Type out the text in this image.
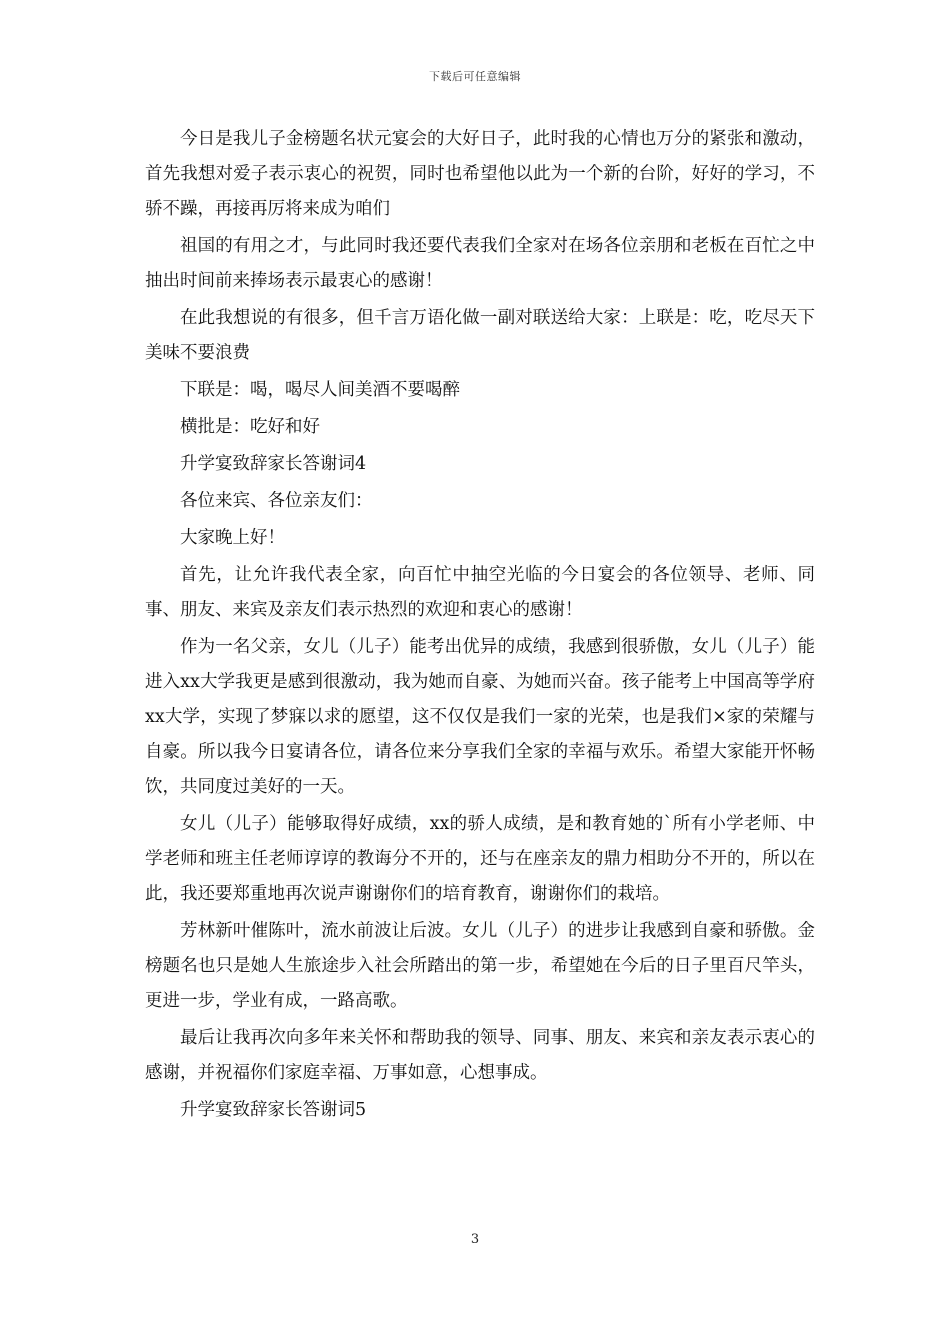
下载后可任意编辑

今日是我儿子金榜题名状元宴会的大好日子，此时我的心情也万分的紧张和激动，首先我想对爱子表示衷心的祝贺，同时也希望他以此为一个新的台阶，好好的学习，不骄不躁，再接再厉将来成为咱们

祖国的有用之才，与此同时我还要代表我们全家对在场各位亲朋和老板在百忙之中抽出时间前来捧场表示最衷心的感谢！

在此我想说的有很多，但千言万语化做一副对联送给大家：上联是：吃，吃尽天下美味不要浪费

下联是：喝，喝尽人间美酒不要喝醉

横批是：吃好和好

升学宴致辞家长答谢词4

各位来宾、各位亲友们：

大家晚上好！

首先，让允许我代表全家，向百忙中抽空光临的今日宴会的各位领导、老师、同事、朋友、来宾及亲友们表示热烈的欢迎和衷心的感谢！

作为一名父亲，女儿（儿子）能考出优异的成绩，我感到很骄傲，女儿（儿子）能进入xx大学我更是感到很激动，我为她而自豪、为她而兴奋。孩子能考上中国高等学府xx大学，实现了梦寐以求的愿望，这不仅仅是我们一家的光荣，也是我们×家的荣耀与自豪。所以我今日宴请各位，请各位来分享我们全家的幸福与欢乐。希望大家能开怀畅饮，共同度过美好的一天。

女儿（儿子）能够取得好成绩，xx的骄人成绩，是和教育她的`所有小学老师、中学老师和班主任老师谆谆的教诲分不开的，还与在座亲友的鼎力相助分不开的，所以在此，我还要郑重地再次说声谢谢你们的培育教育，谢谢你们的栽培。

芳林新叶催陈叶，流水前波让后波。女儿（儿子）的进步让我感到自豪和骄傲。金榜题名也只是她人生旅途步入社会所踏出的第一步，希望她在今后的日子里百尺竿头，更进一步，学业有成，一路高歌。

最后让我再次向多年来关怀和帮助我的领导、同事、朋友、来宾和亲友表示衷心的感谢，并祝福你们家庭幸福、万事如意，心想事成。

升学宴致辞家长答谢词5

3
